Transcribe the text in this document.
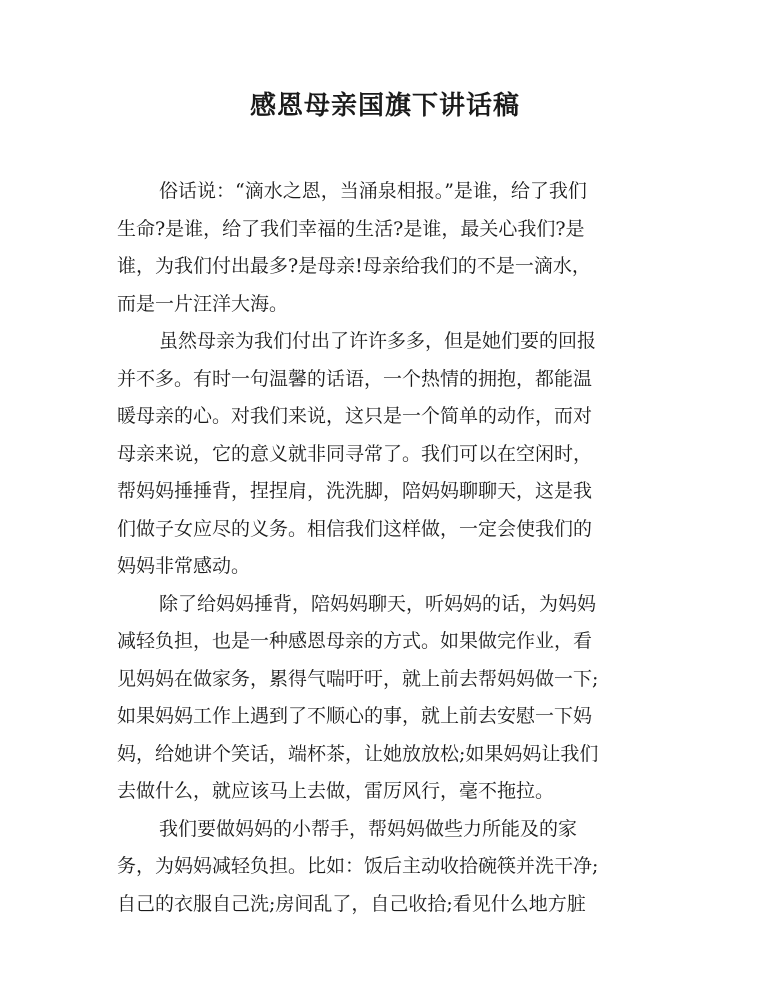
感恩母亲国旗下讲话稿

俗话说：“滴水之恩，当涌泉相报。”是谁，给了我们
生命?是谁，给了我们幸福的生活?是谁，最关心我们?是
谁，为我们付出最多?是母亲!母亲给我们的不是一滴水，
而是一片汪洋大海。

虽然母亲为我们付出了许许多多，但是她们要的回报
并不多。有时一句温馨的话语，一个热情的拥抱，都能温
暖母亲的心。对我们来说，这只是一个简单的动作，而对
母亲来说，它的意义就非同寻常了。我们可以在空闲时，
帮妈妈捶捶背，捏捏肩，洗洗脚，陪妈妈聊聊天，这是我
们做子女应尽的义务。相信我们这样做，一定会使我们的
妈妈非常感动。

除了给妈妈捶背，陪妈妈聊天，听妈妈的话，为妈妈
减轻负担，也是一种感恩母亲的方式。如果做完作业，看
见妈妈在做家务，累得气喘吁吁，就上前去帮妈妈做一下;
如果妈妈工作上遇到了不顺心的事，就上前去安慰一下妈
妈，给她讲个笑话，端杯茶，让她放放松;如果妈妈让我们
去做什么，就应该马上去做，雷厉风行，毫不拖拉。

我们要做妈妈的小帮手，帮妈妈做些力所能及的家
务，为妈妈减轻负担。比如：饭后主动收拾碗筷并洗干净;
自己的衣服自己洗;房间乱了，自己收拾;看见什么地方脏
